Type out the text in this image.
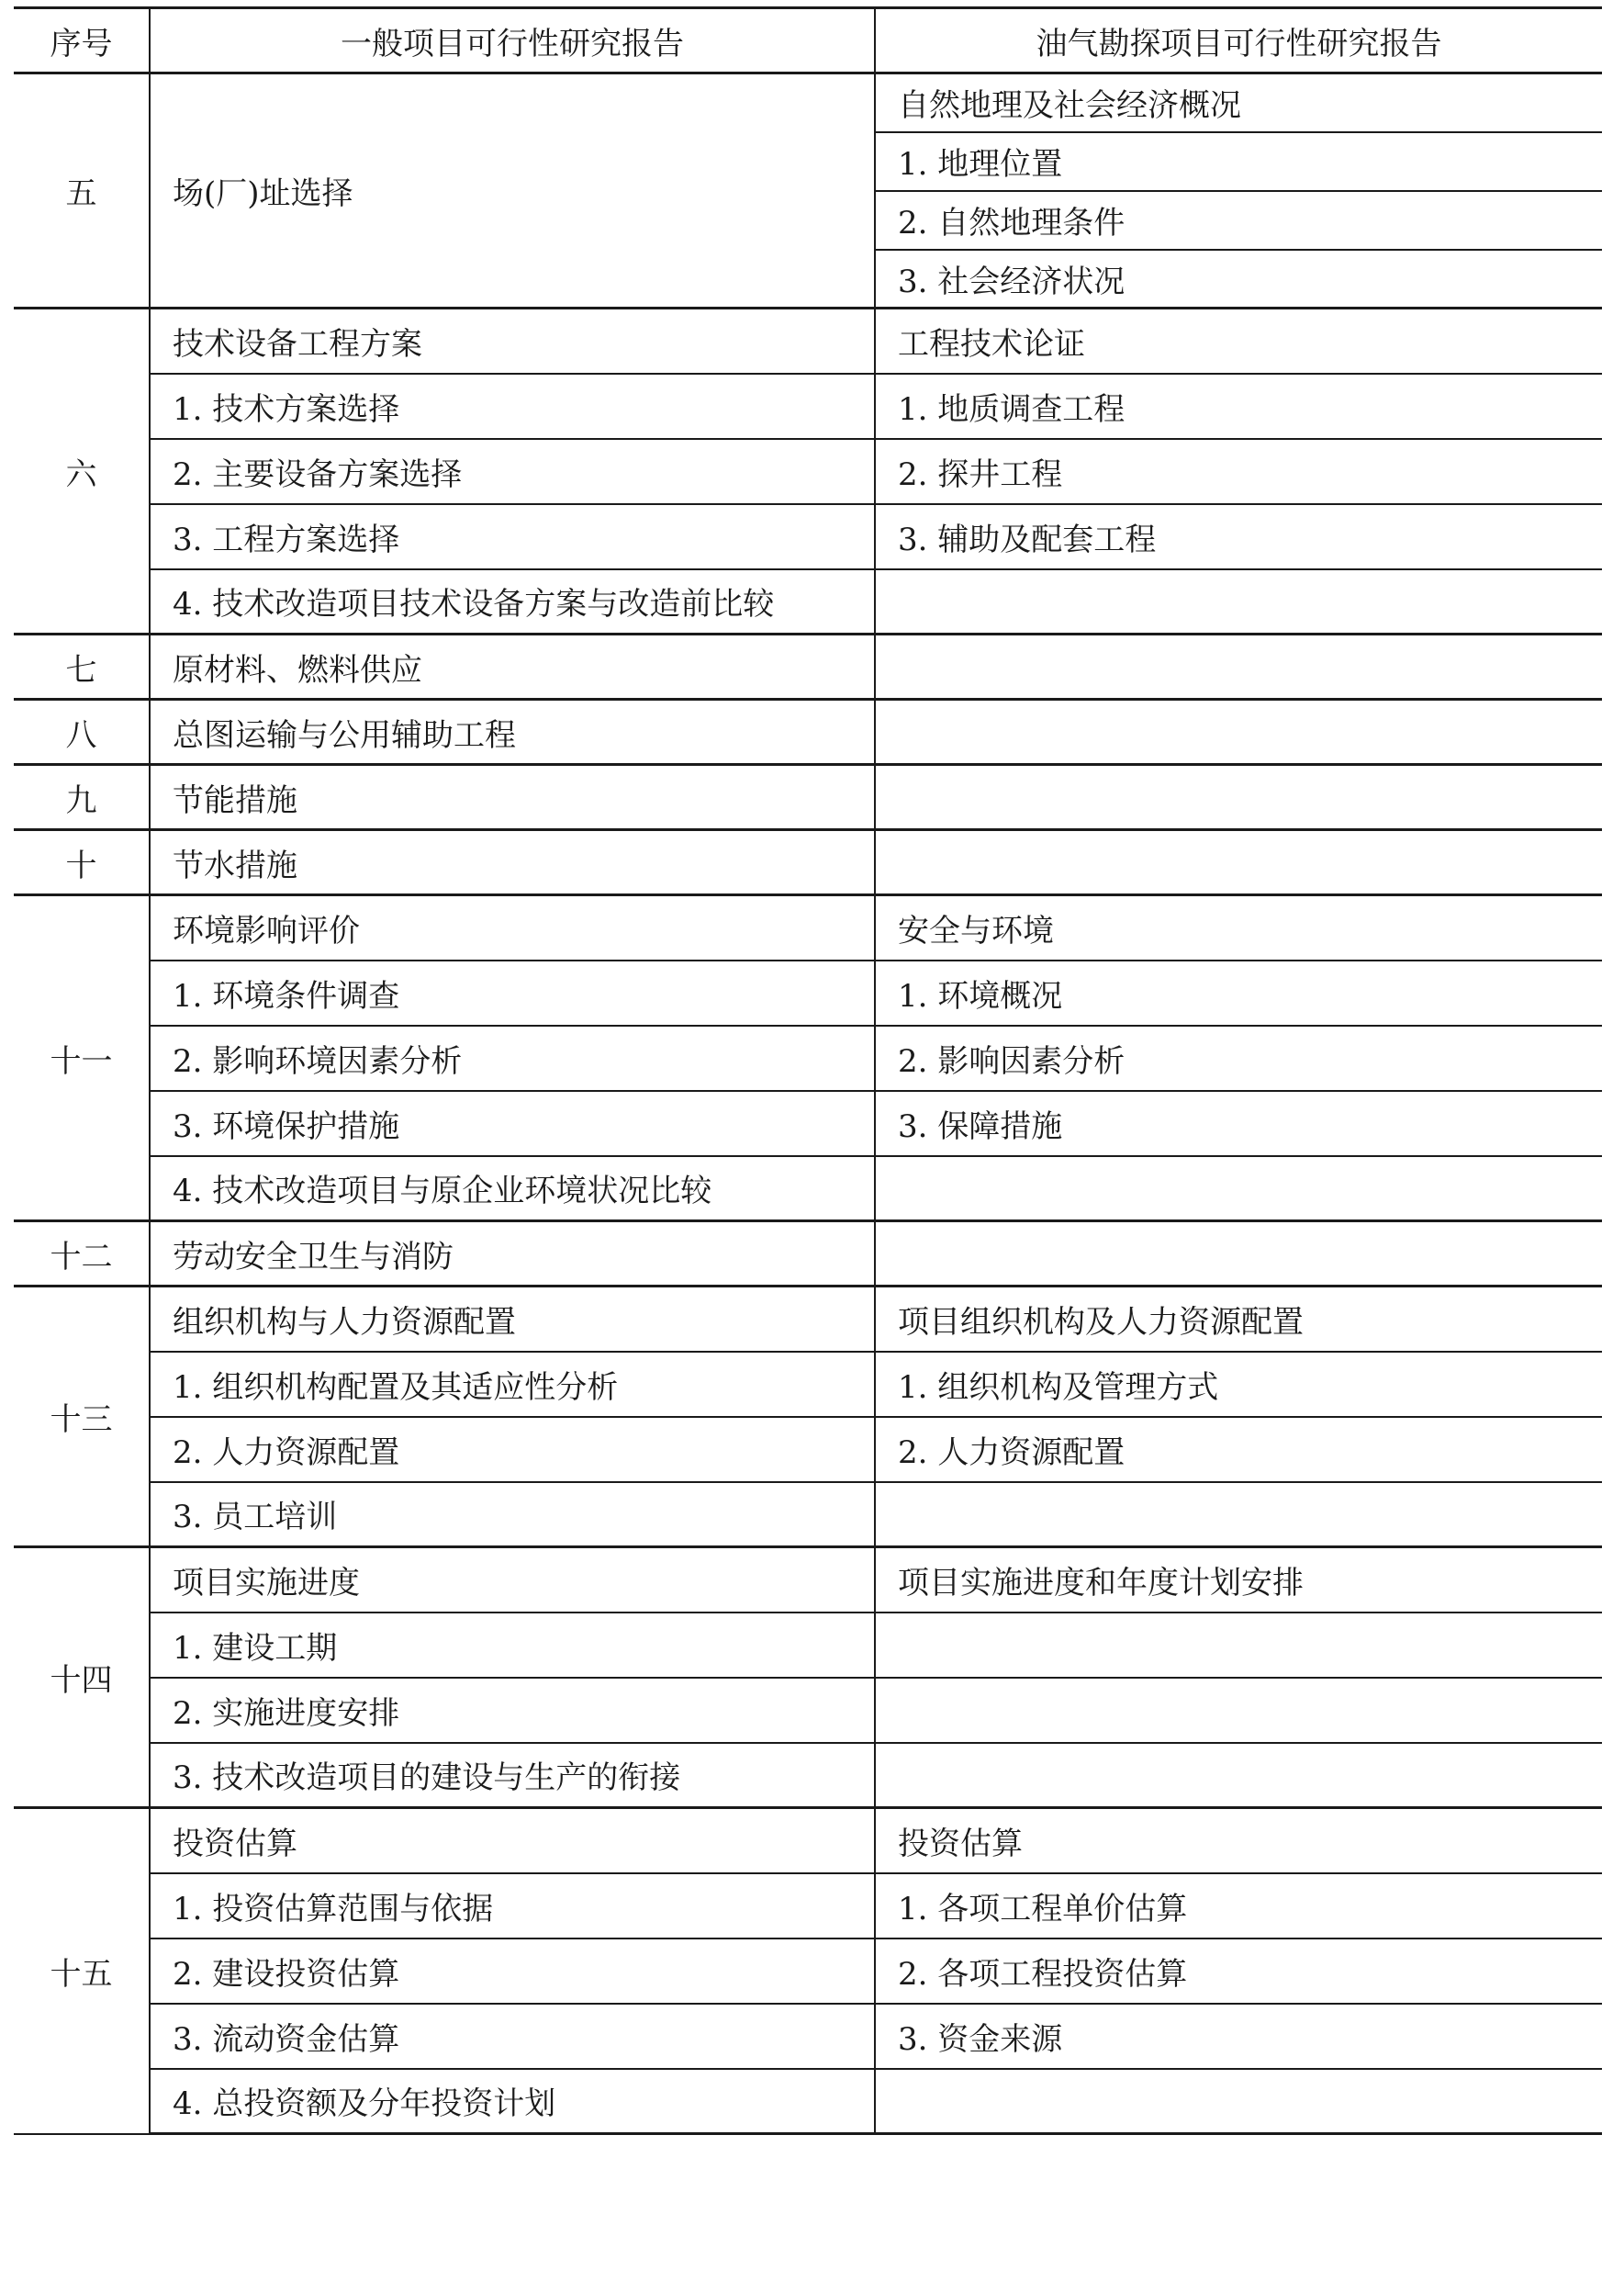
序号	一般项目可行性研究报告	油气勘探项目可行性研究报告
五	场(厂)址选择	自然地理及社会经济概况
		1. 地理位置
		2. 自然地理条件
		3. 社会经济状况
六	技术设备工程方案	工程技术论证
	1. 技术方案选择	1. 地质调查工程
	2. 主要设备方案选择	2. 探井工程
	3. 工程方案选择	3. 辅助及配套工程
	4. 技术改造项目技术设备方案与改造前比较	
七	原材料、燃料供应	
八	总图运输与公用辅助工程	
九	节能措施	
十	节水措施	
十一	环境影响评价	安全与环境
	1. 环境条件调查	1. 环境概况
	2. 影响环境因素分析	2. 影响因素分析
	3. 环境保护措施	3. 保障措施
	4. 技术改造项目与原企业环境状况比较	
十二	劳动安全卫生与消防	
十三	组织机构与人力资源配置	项目组织机构及人力资源配置
	1. 组织机构配置及其适应性分析	1. 组织机构及管理方式
	2. 人力资源配置	2. 人力资源配置
	3. 员工培训	
十四	项目实施进度	项目实施进度和年度计划安排
	1. 建设工期	
	2. 实施进度安排	
	3. 技术改造项目的建设与生产的衔接	
十五	投资估算	投资估算
	1. 投资估算范围与依据	1. 各项工程单价估算
	2. 建设投资估算	2. 各项工程投资估算
	3. 流动资金估算	3. 资金来源
	4. 总投资额及分年投资计划	
